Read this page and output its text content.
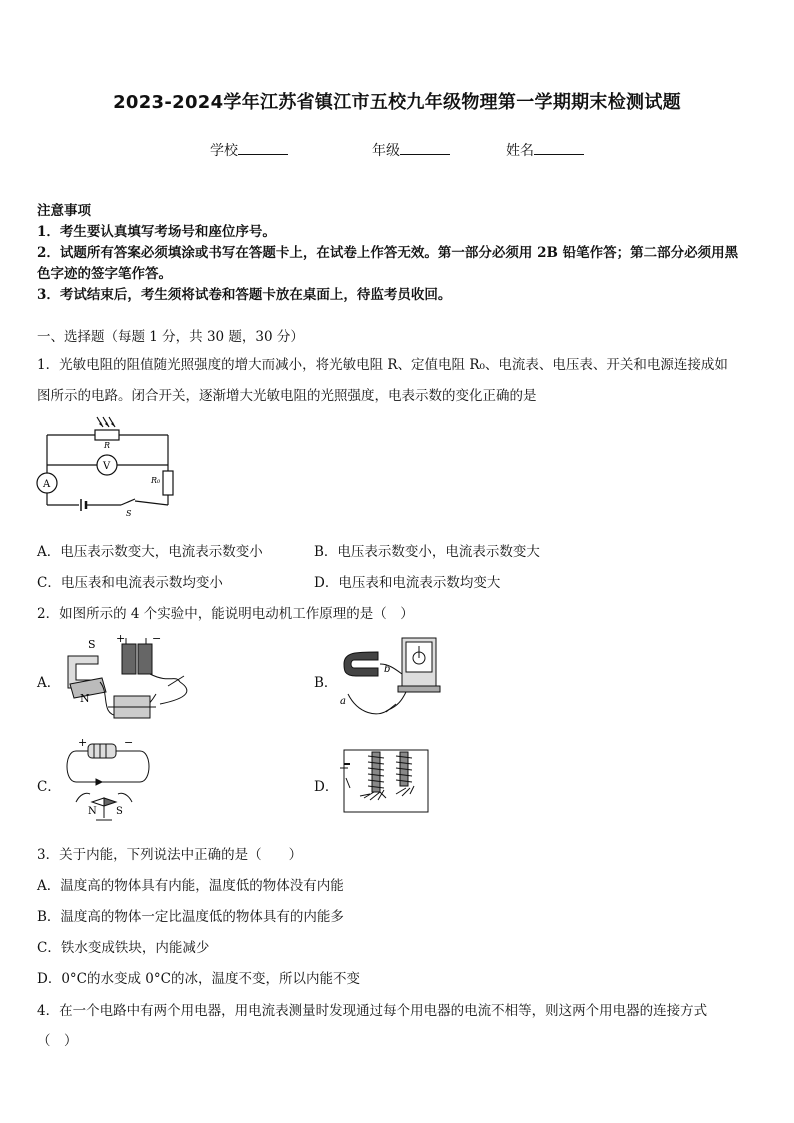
2023-2024学年江苏省镇江市五校九年级物理第一学期期末检测试题
学校	年级	姓名
注意事项
1．考生要认真填写考场号和座位序号。
2．试题所有答案必须填涂或书写在答题卡上，在试卷上作答无效。第一部分必须用 2B 铅笔作答；第二部分必须用黑
色字迹的签字笔作答。
3．考试结束后，考生须将试卷和答题卡放在桌面上，待监考员收回。
一、选择题（每题 1 分，共 30 题，30 分）
1．光敏电阻的阻值随光照强度的增大而减小，将光敏电阻 R、定值电阻 R₀、电流表、电压表、开关和电源连接成如
图所示的电路。闭合开关，逐渐增大光敏电阻的光照强度，电表示数的变化正确的是
R
V
A	R₀
S
A．电压表示数变大，电流表示数变小	B．电压表示数变小，电流表示数变大
C．电压表和电流表示数均变小	D．电压表和电流表示数均变大
2．如图所示的 4 个实验中，能说明电动机工作原理的是（　）
A．	B．
C．	D．
S
N
+ −
a
b
+	−
N S
3．关于内能，下列说法中正确的是（　　）
A．温度高的物体具有内能，温度低的物体没有内能
B．温度高的物体一定比温度低的物体具有的内能多
C．铁水变成铁块，内能减少
D．0°C的水变成 0°C的冰，温度不变，所以内能不变
4．在一个电路中有两个用电器，用电流表测量时发现通过每个用电器的电流不相等，则这两个用电器的连接方式
（　）
